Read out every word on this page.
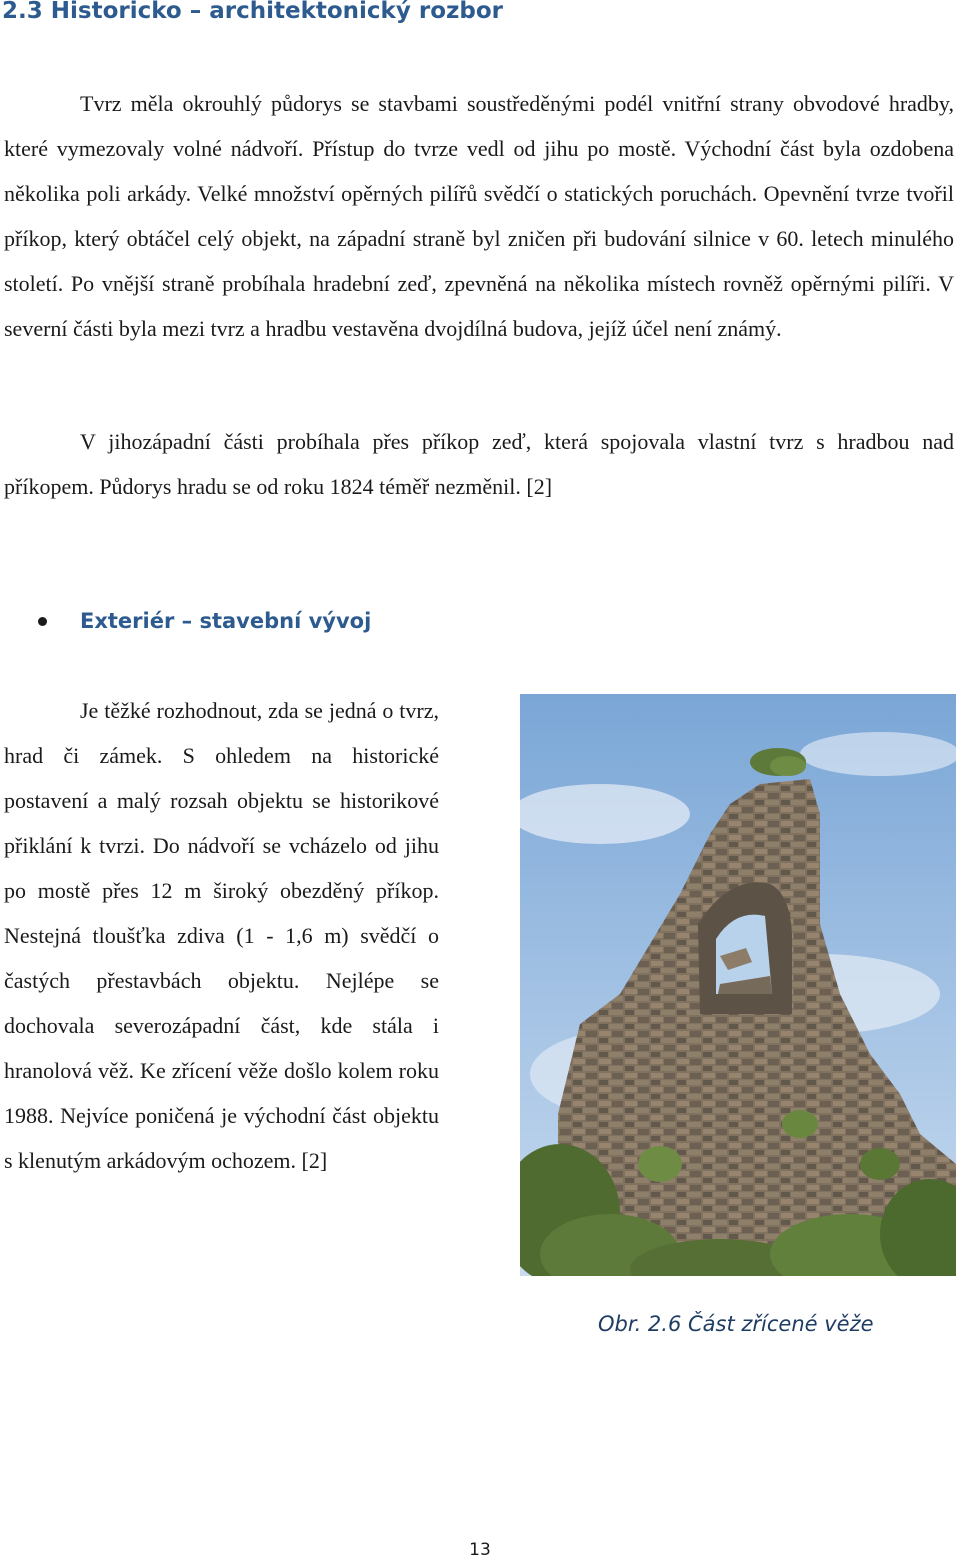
2.3 Historicko – architektonický rozbor

Tvrz měla okrouhlý půdorys se stavbami soustředěnými podél vnitřní strany obvodové hradby, které vymezovaly volné nádvoří. Přístup do tvrze vedl od jihu po mostě. Východní část byla ozdobena několika poli arkády. Velké množství opěrných pilířů svědčí o statických poruchách. Opevnění tvrze tvořil příkop, který obtáčel celý objekt, na západní straně byl zničen při budování silnice v 60. letech minulého století. Po vnější straně probíhala hradební zeď, zpevněná na několika místech rovněž opěrnými pilíři. V severní části byla mezi tvrz a hradbu vestavěna dvojdílná budova, jejíž účel není známý.

V jihozápadní části probíhala přes příkop zeď, která spojovala vlastní tvrz s hradbou nad příkopem. Půdorys hradu se od roku 1824 téměř nezměnil. [2]

Exteriér – stavební vývoj

Je těžké rozhodnout, zda se jedná o tvrz, hrad či zámek. S ohledem na historické postavení a malý rozsah objektu se historikové přiklání k tvrzi. Do nádvoří se vcházelo od jihu po mostě přes 12 m široký obezděný příkop. Nestejná tloušťka zdiva (1 - 1,6 m) svědčí o častých přestavbách objektu. Nejlépe se dochovala severozápadní část, kde stála i hranolová věž. Ke zřícení věže došlo kolem roku 1988. Nejvíce poničená je východní část objektu s klenutým arkádovým ochozem. [2]

Obr. 2.6 Část zřícené věže
13
